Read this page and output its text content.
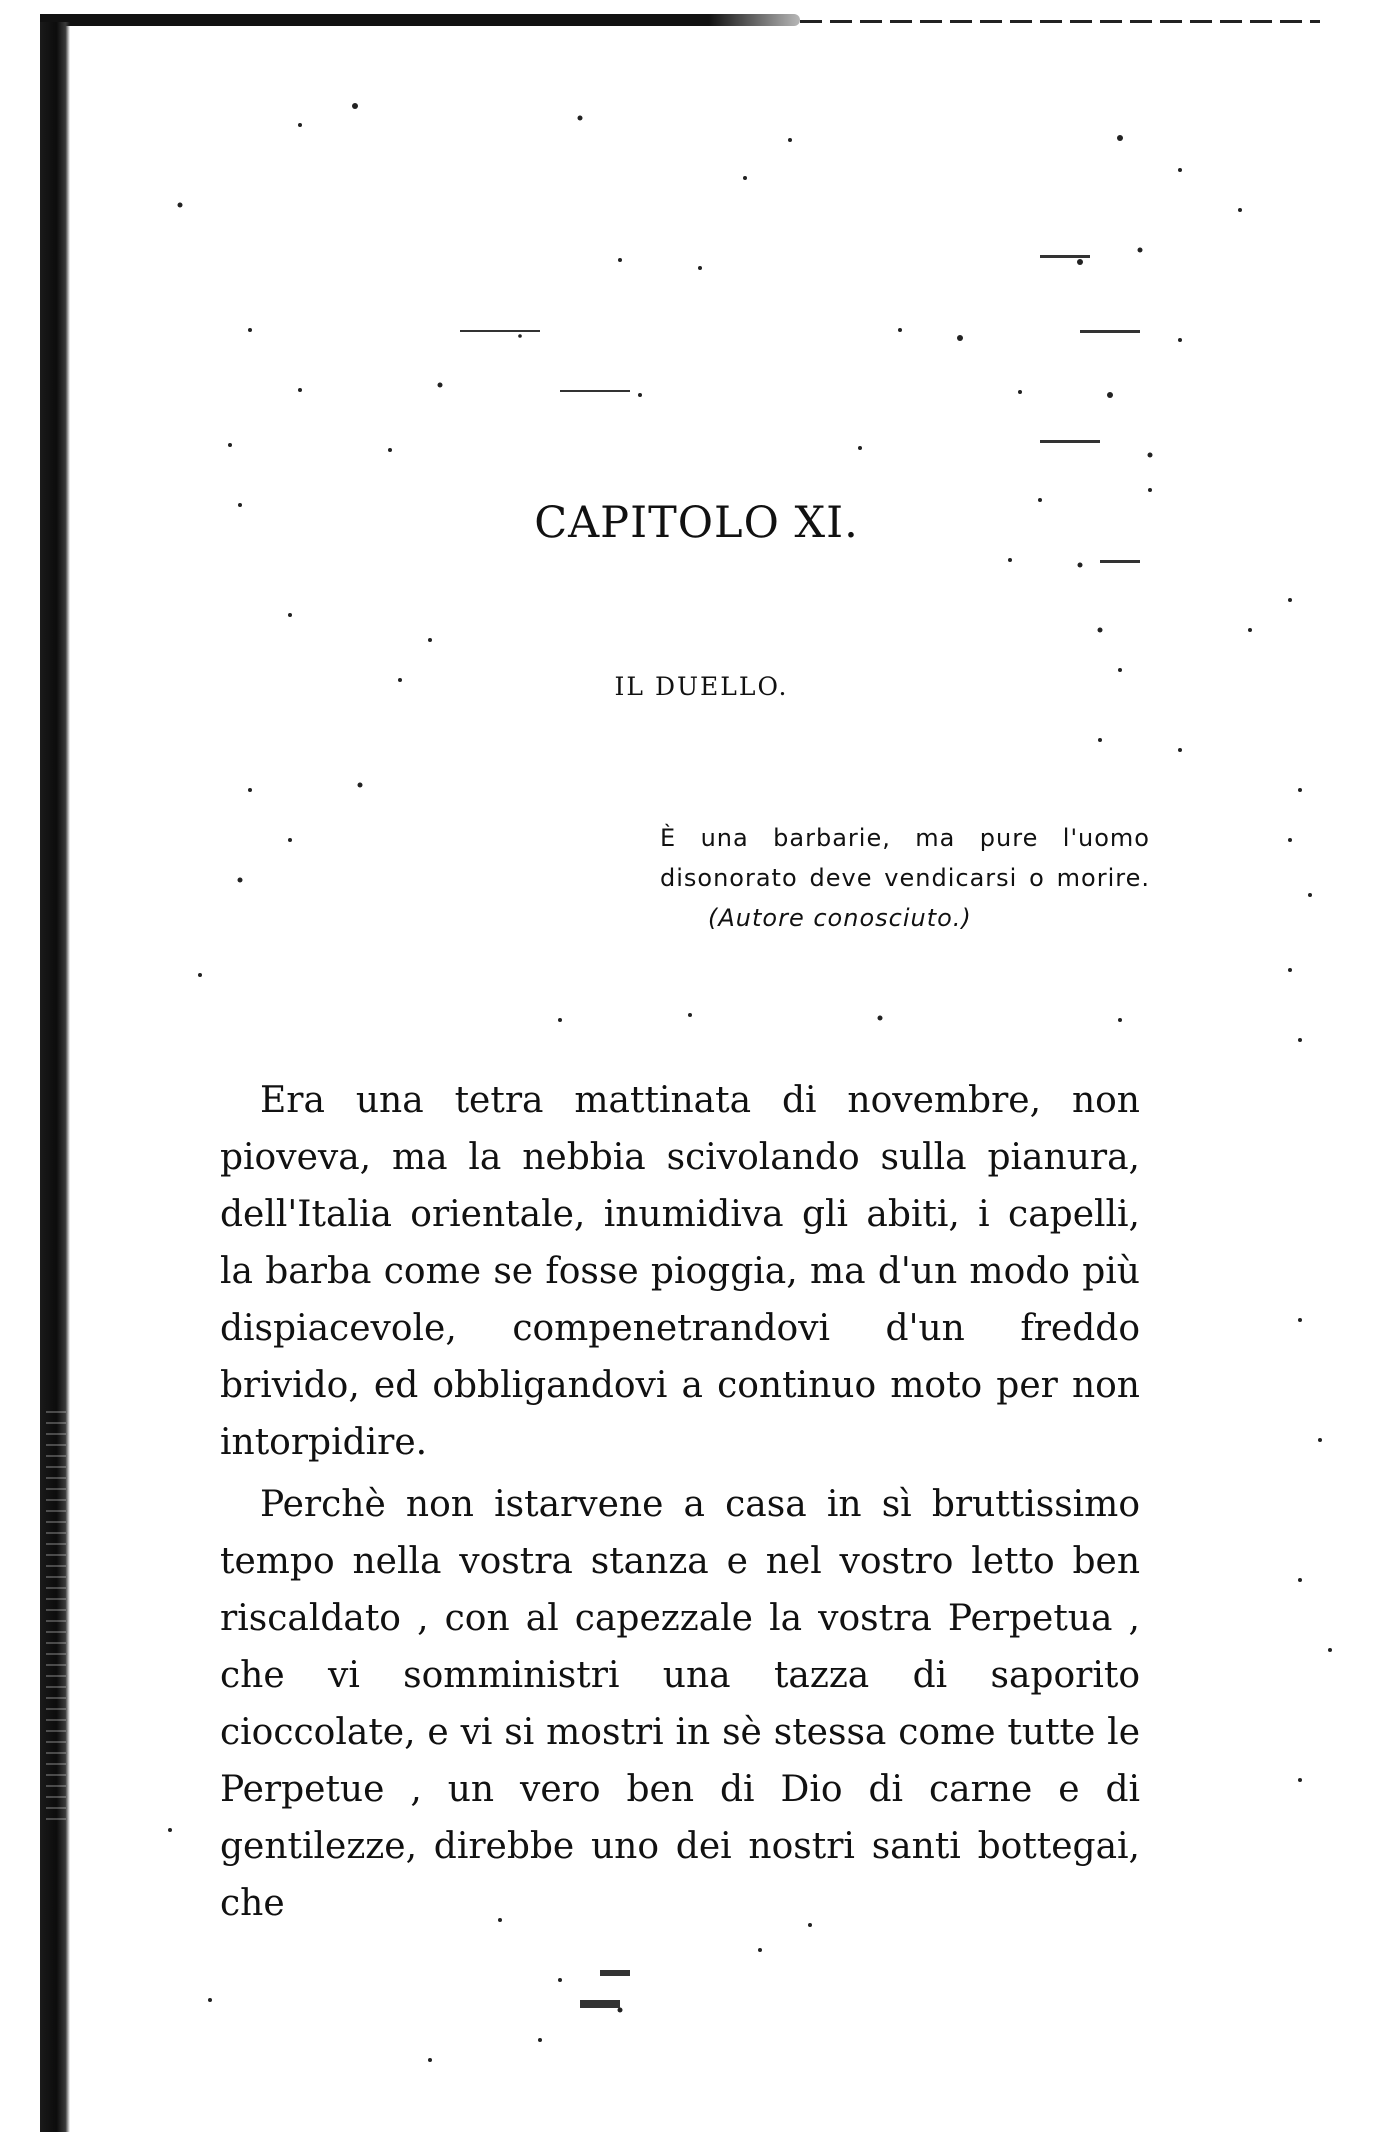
CAPITOLO XI.
IL DUELLO.
È una barbarie, ma pure l'uomo disonorato deve vendicarsi o morire. (Autore conosciuto.)

Era una tetra mattinata di novembre, non pioveva, ma la nebbia scivolando sulla pianura, dell'Italia orientale, inumidiva gli abiti, i capelli, la barba come se fosse pioggia, ma d'un modo più dispiacevole, compenetrandovi d'un freddo brivido, ed obbligandovi a continuo moto per non intorpidire.

Perchè non istarvene a casa in sì bruttissimo tempo nella vostra stanza e nel vostro letto ben riscaldato , con al capezzale la vostra Perpetua , che vi somministri una tazza di saporito cioccolate, e vi si mostri in sè stessa come tutte le Perpetue , un vero ben di Dio di carne e di gentilezze, direbbe uno dei nostri santi bottegai, che
